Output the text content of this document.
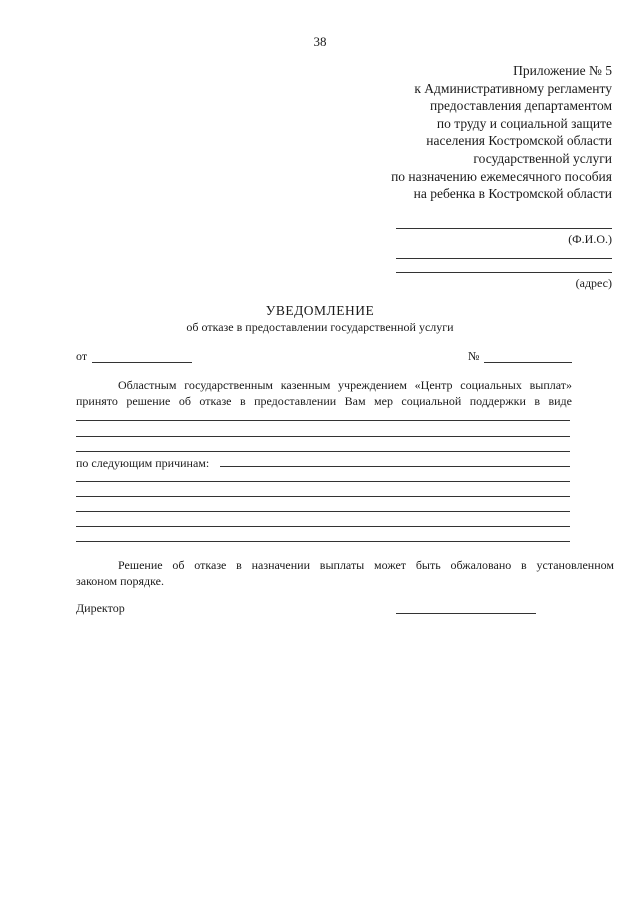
38
Приложение № 5
к Административному регламенту
предоставления департаментом
по труду и социальной защите
населения Костромской области
государственной услуги
по назначению ежемесячного пособия
на ребенка в Костромской области
(Ф.И.О.)
(адрес)
УВЕДОМЛЕНИЕ
об отказе в предоставлении государственной услуги
от	№
Областным государственным казенным учреждением «Центр социальных выплат»
принято решение об отказе в предоставлении Вам мер социальной поддержки в виде
по следующим причинам:
Решение об отказе в назначении выплаты может быть обжаловано в установленном
законом порядке.
Директор
